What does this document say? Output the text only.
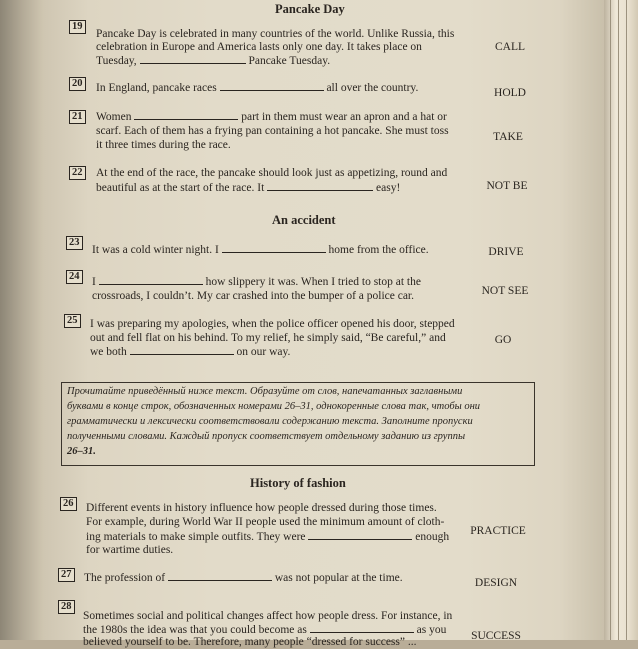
Pancake Day
19
Pancake Day is celebrated in many countries of the world. Unlike Russia, this
celebration in Europe and America lasts only one day. It takes place on
Tuesday,	Pancake Tuesday.
CALL
20 In England, pancake races	all over the country.	HOLD
21 Women	part in them must wear an apron and a hat or
scarf. Each of them has a frying pan containing a hot pancake. She must toss
it three times during the race.
TAKE
22 At the end of the race, the pancake should look just as appetizing, round and
beautiful as at the start of the race. It	easy!	NOT BE
An accident
23
It was a cold winter night. I	home from the office.	DRIVE
24 I	how slippery it was. When I tried to stop at the
crossroads, I couldn’t. My car crashed into the bumper of a police car.	NOT SEE
25 I was preparing my apologies, when the police officer opened his door, stepped
out and fell flat on his behind. To my relief, he simply said, “Be careful,” and
we both	on our way.
GO
Прочитайте приведённый ниже текст. Образуйте от слов, напечатанных заглавными
буквами в конце строк, обозначенных номерами 26–31, однокоренные слова так, чтобы они
грамматически и лексически соответствовали содержанию текста. Заполните пропуски
полученными словами. Каждый пропуск соответствует отдельному заданию из группы
26–31.
History of fashion
26 Different events in history influence how people dressed during those times.
For example, during World War II people used the minimum amount of cloth-
ing materials to make simple outfits. They were	enough
for wartime duties.
PRACTICE
27 The profession of	was not popular at the time.	DESIGN
28
Sometimes social and political changes affect how people dress. For instance, in
the 1980s the idea was that you could become as	as you
believed yourself to be. Therefore, many people “dressed for success” ...	SUCCESS
